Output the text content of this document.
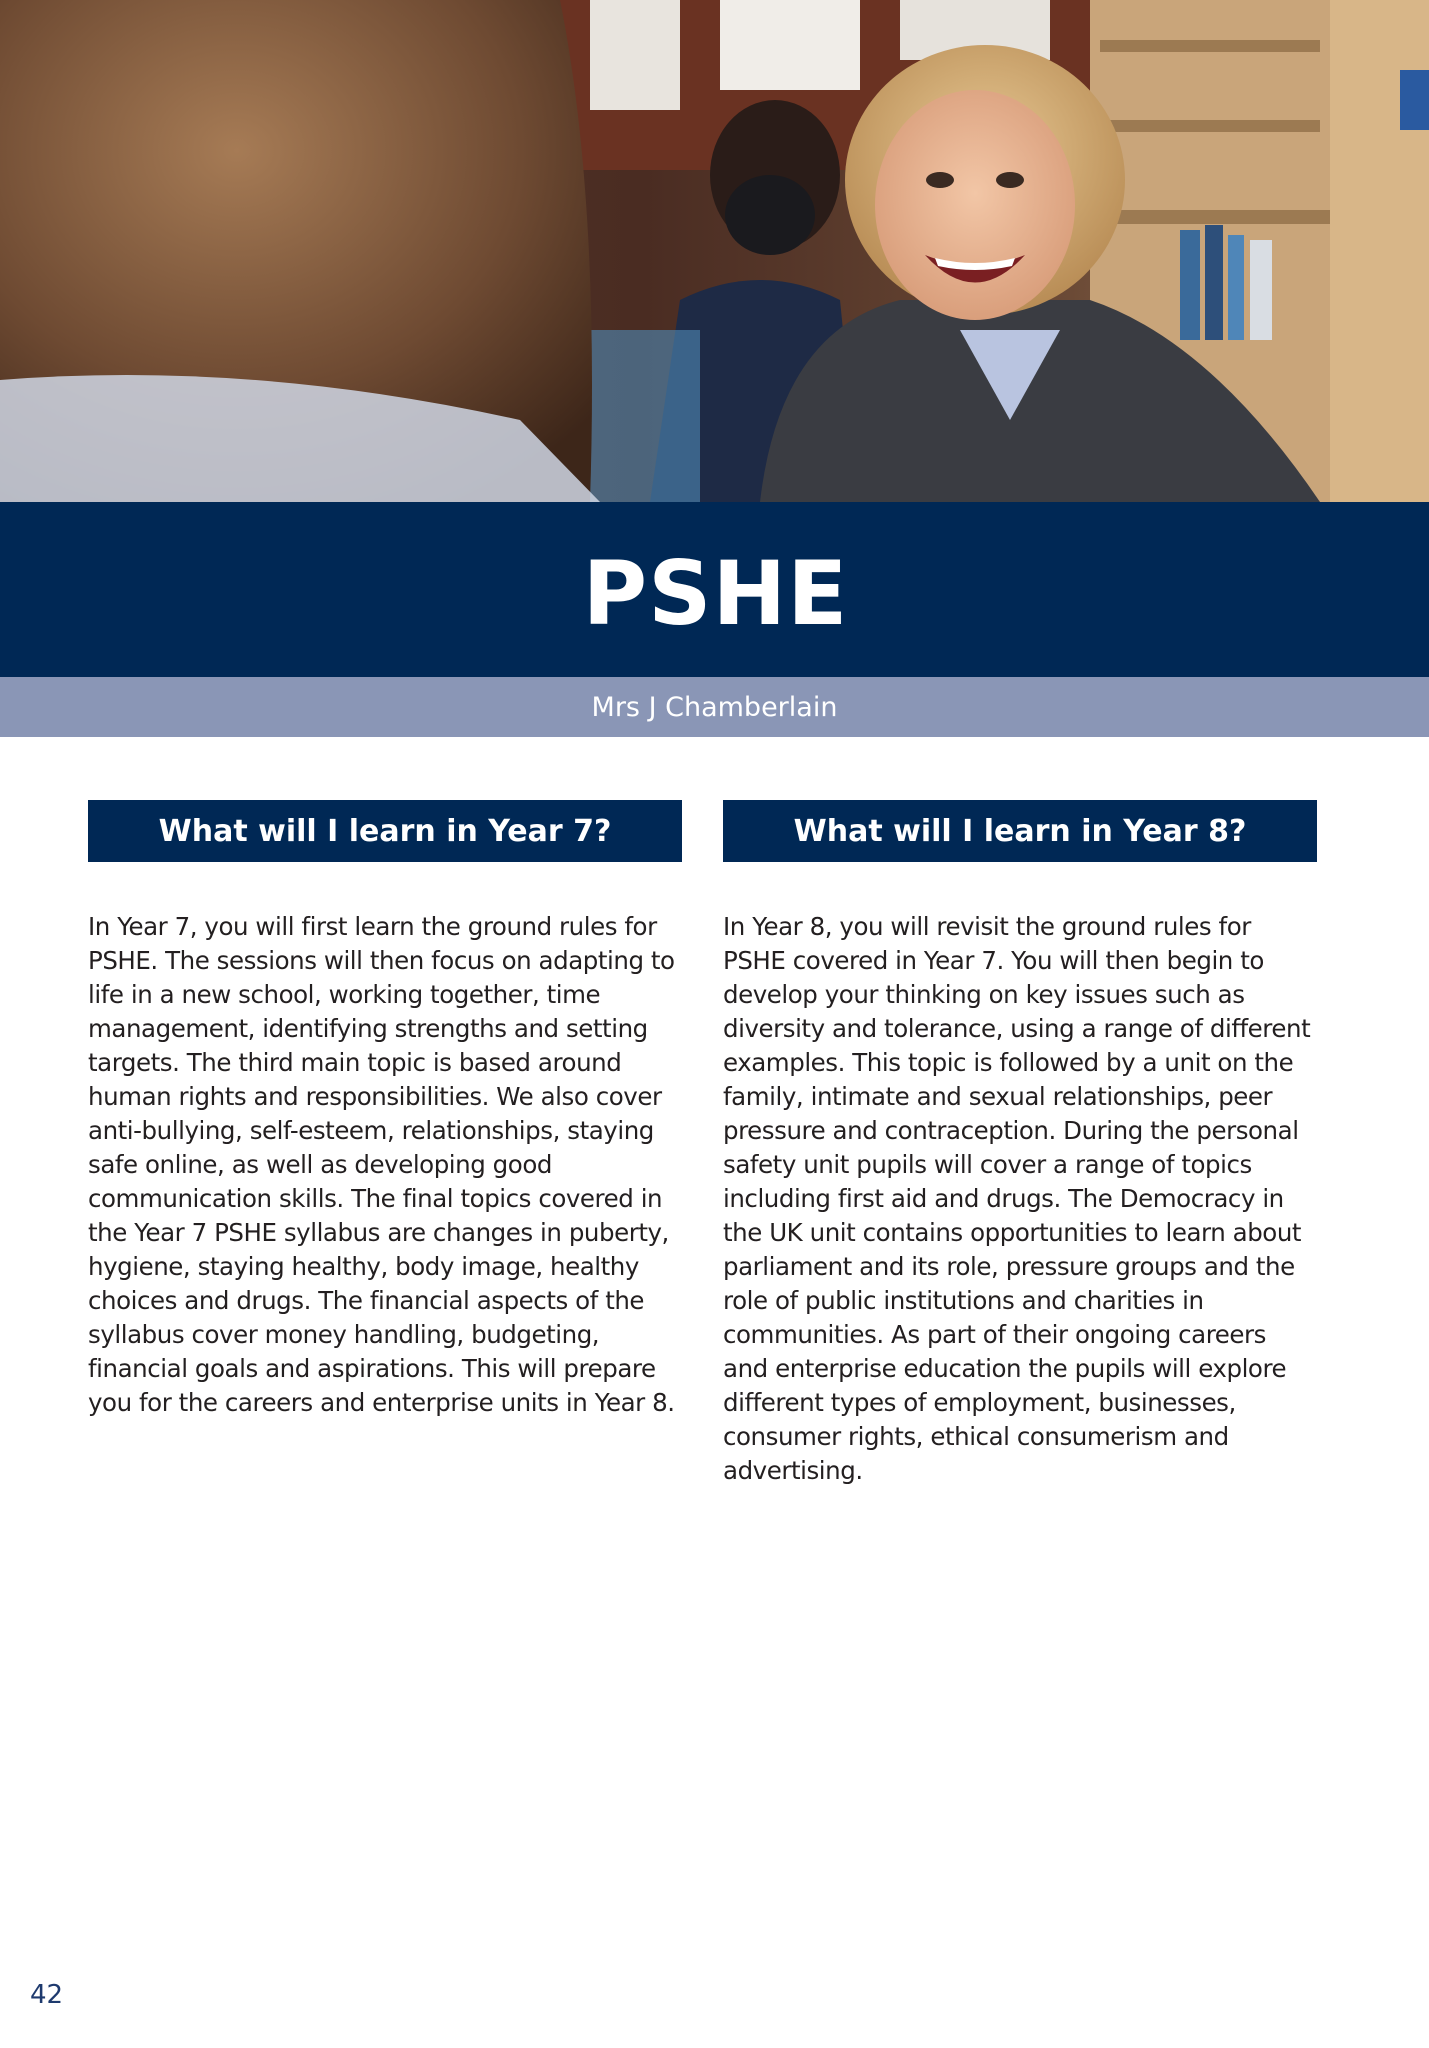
PSHE
Mrs J Chamberlain
What will I learn in Year 7?

In Year 7, you will first learn the ground rules for PSHE. The sessions will then focus on adapting to life in a new school, working together, time management, identifying strengths and setting targets. The third main topic is based around human rights and responsibilities. We also cover anti-bullying, self-esteem, relationships, staying safe online, as well as developing good communication skills. The final topics covered in the Year 7 PSHE syllabus are changes in puberty, hygiene, staying healthy, body image, healthy choices and drugs. The financial aspects of the syllabus cover money handling, budgeting, financial goals and aspirations. This will prepare you for the careers and enterprise units in Year 8.

What will I learn in Year 8?

In Year 8, you will revisit the ground rules for PSHE covered in Year 7. You will then begin to develop your thinking on key issues such as diversity and tolerance, using a range of different examples. This topic is followed by a unit on the family, intimate and sexual relationships, peer pressure and contraception. During the personal safety unit pupils will cover a range of topics including first aid and drugs. The Democracy in the UK unit contains opportunities to learn about parliament and its role, pressure groups and the role of public institutions and charities in communities. As part of their ongoing careers and enterprise education the pupils will explore different types of employment, businesses, consumer rights, ethical consumerism and advertising.

42
